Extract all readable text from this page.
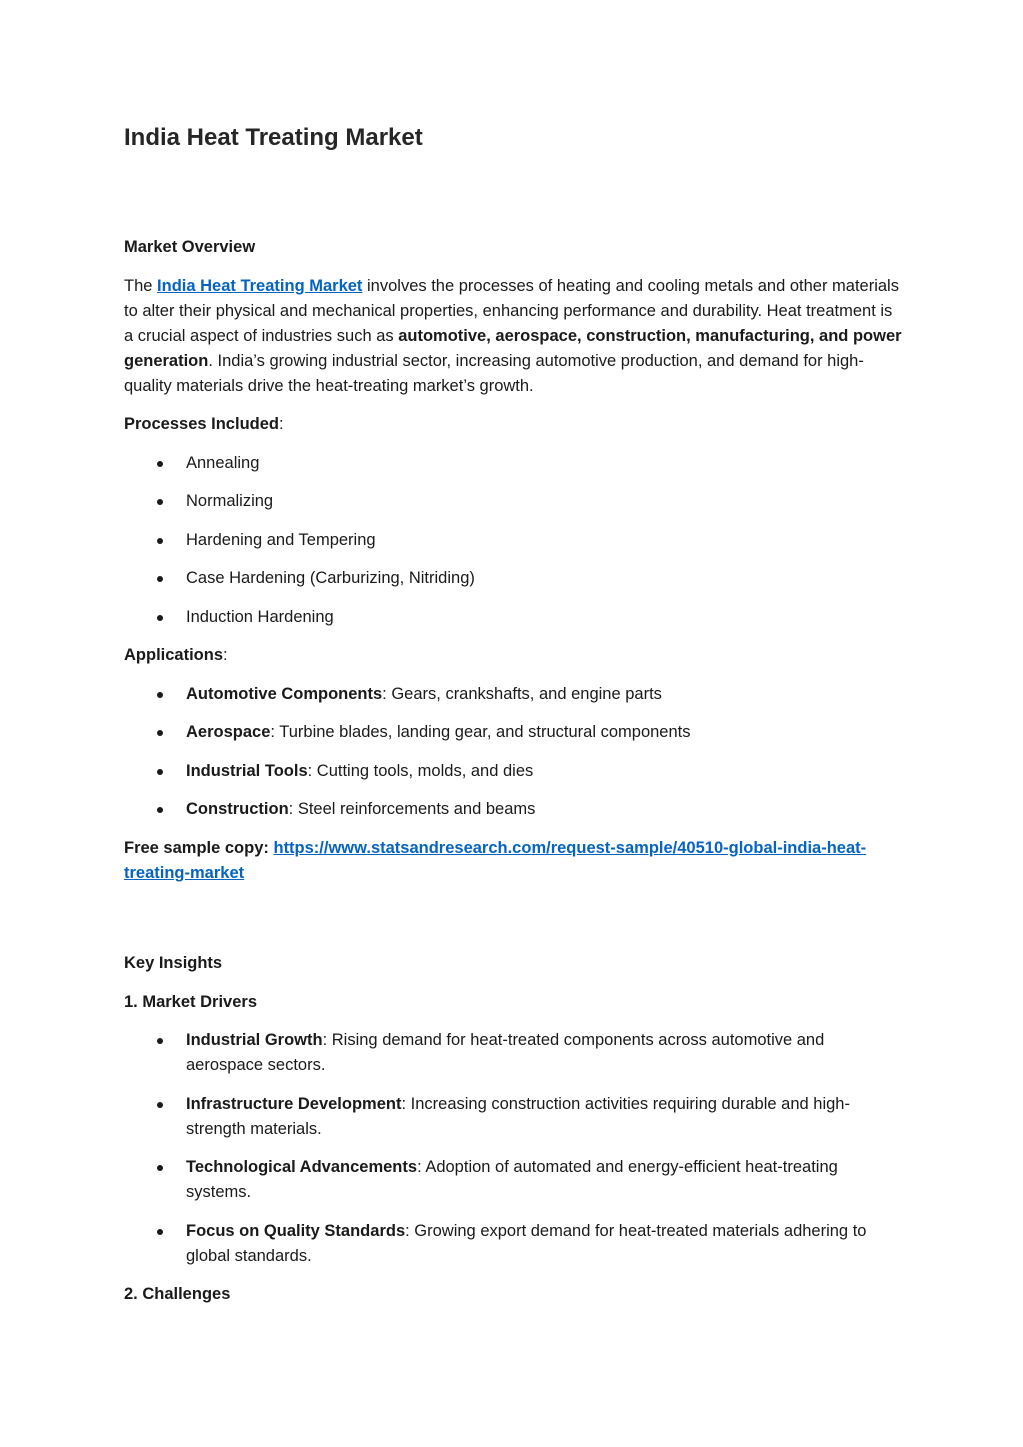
India Heat Treating Market

Market Overview

The India Heat Treating Market involves the processes of heating and cooling metals and other materials to alter their physical and mechanical properties, enhancing performance and durability. Heat treatment is a crucial aspect of industries such as automotive, aerospace, construction, manufacturing, and power generation. India’s growing industrial sector, increasing automotive production, and demand for high-quality materials drive the heat-treating market’s growth.

Processes Included:

Annealing
Normalizing
Hardening and Tempering
Case Hardening (Carburizing, Nitriding)
Induction Hardening

Applications:

Automotive Components: Gears, crankshafts, and engine parts
Aerospace: Turbine blades, landing gear, and structural components
Industrial Tools: Cutting tools, molds, and dies
Construction: Steel reinforcements and beams

Free sample copy: https://www.statsandresearch.com/request-sample/40510-global-india-heat-treating-market

Key Insights

1. Market Drivers

Industrial Growth: Rising demand for heat-treated components across automotive and aerospace sectors.
Infrastructure Development: Increasing construction activities requiring durable and high-strength materials.
Technological Advancements: Adoption of automated and energy-efficient heat-treating systems.
Focus on Quality Standards: Growing export demand for heat-treated materials adhering to global standards.

2. Challenges
